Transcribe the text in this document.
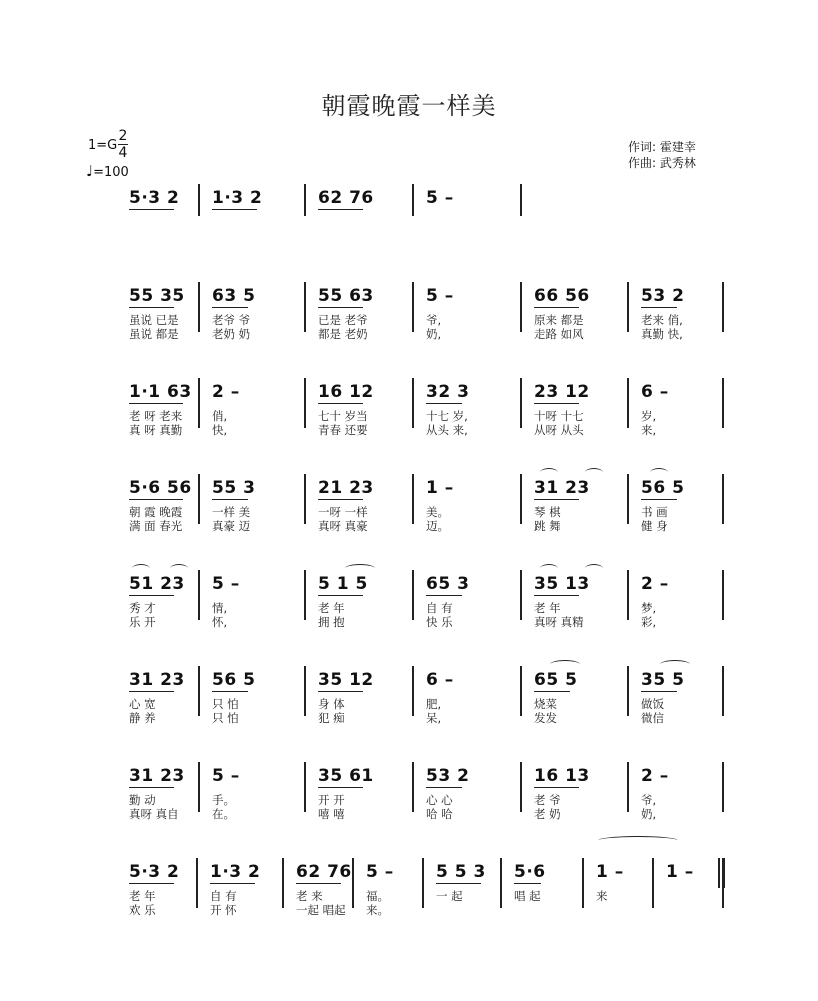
朝霞晚霞一样美
1=G
2
4
♩=100
作词: 霍建幸
作曲: 武秀林
5·3 2 1·3 2	62 76	5 –
55 35
虽说 已是
虽说 都是
63 5
老爷 爷
老奶 奶
55 63
已是 老爷
都是 老奶
5 –
爷,
奶,
66 56
原来 都是
走路 如风
53 2
老来 俏,
真勤 快,
1·1 63
老 呀 老来
真 呀 真勤
2 –
俏,
快,
16 12
七十 岁当
青春 还要
32 3
十七 岁,
从头 来,
23 12
十呀 十七
从呀 从头
6 –
岁,
来,
5·6 56
朝 霞 晚霞
满 面 春光
55 3
一样 美
真豪 迈
21 23
一呀 一样
真呀 真豪
1 –
美。
迈。
31 23
琴 棋
跳 舞
56 5
书 画
健 身
51 23
秀 才
乐 开
5 –
情,
怀,
5 1 5
老 年
拥 抱
65 3
自 有
快 乐
35 13
老 年
真呀 真精
2 –
梦,
彩,
31 23
心 宽
静 养
56 5
只 怕
只 怕
35 12
身 体
犯 痴
6 –
肥,
呆,
65 5
烧菜
发发
35 5
做饭
微信
31 23
勤 动
真呀 真自
5 –
手。
在。
35 61
开 开
嘻 嘻
53 2
心 心
哈 哈
16 13
老 爷
老 奶
2 –
爷,
奶,
5·3 2
老 年
欢 乐
1·3 2
自 有
开 怀
62 76
老 来
一起 唱起
5 –
福。
来。
5 5 3
一 起
5·6
唱 起
1 –
来
1 –
